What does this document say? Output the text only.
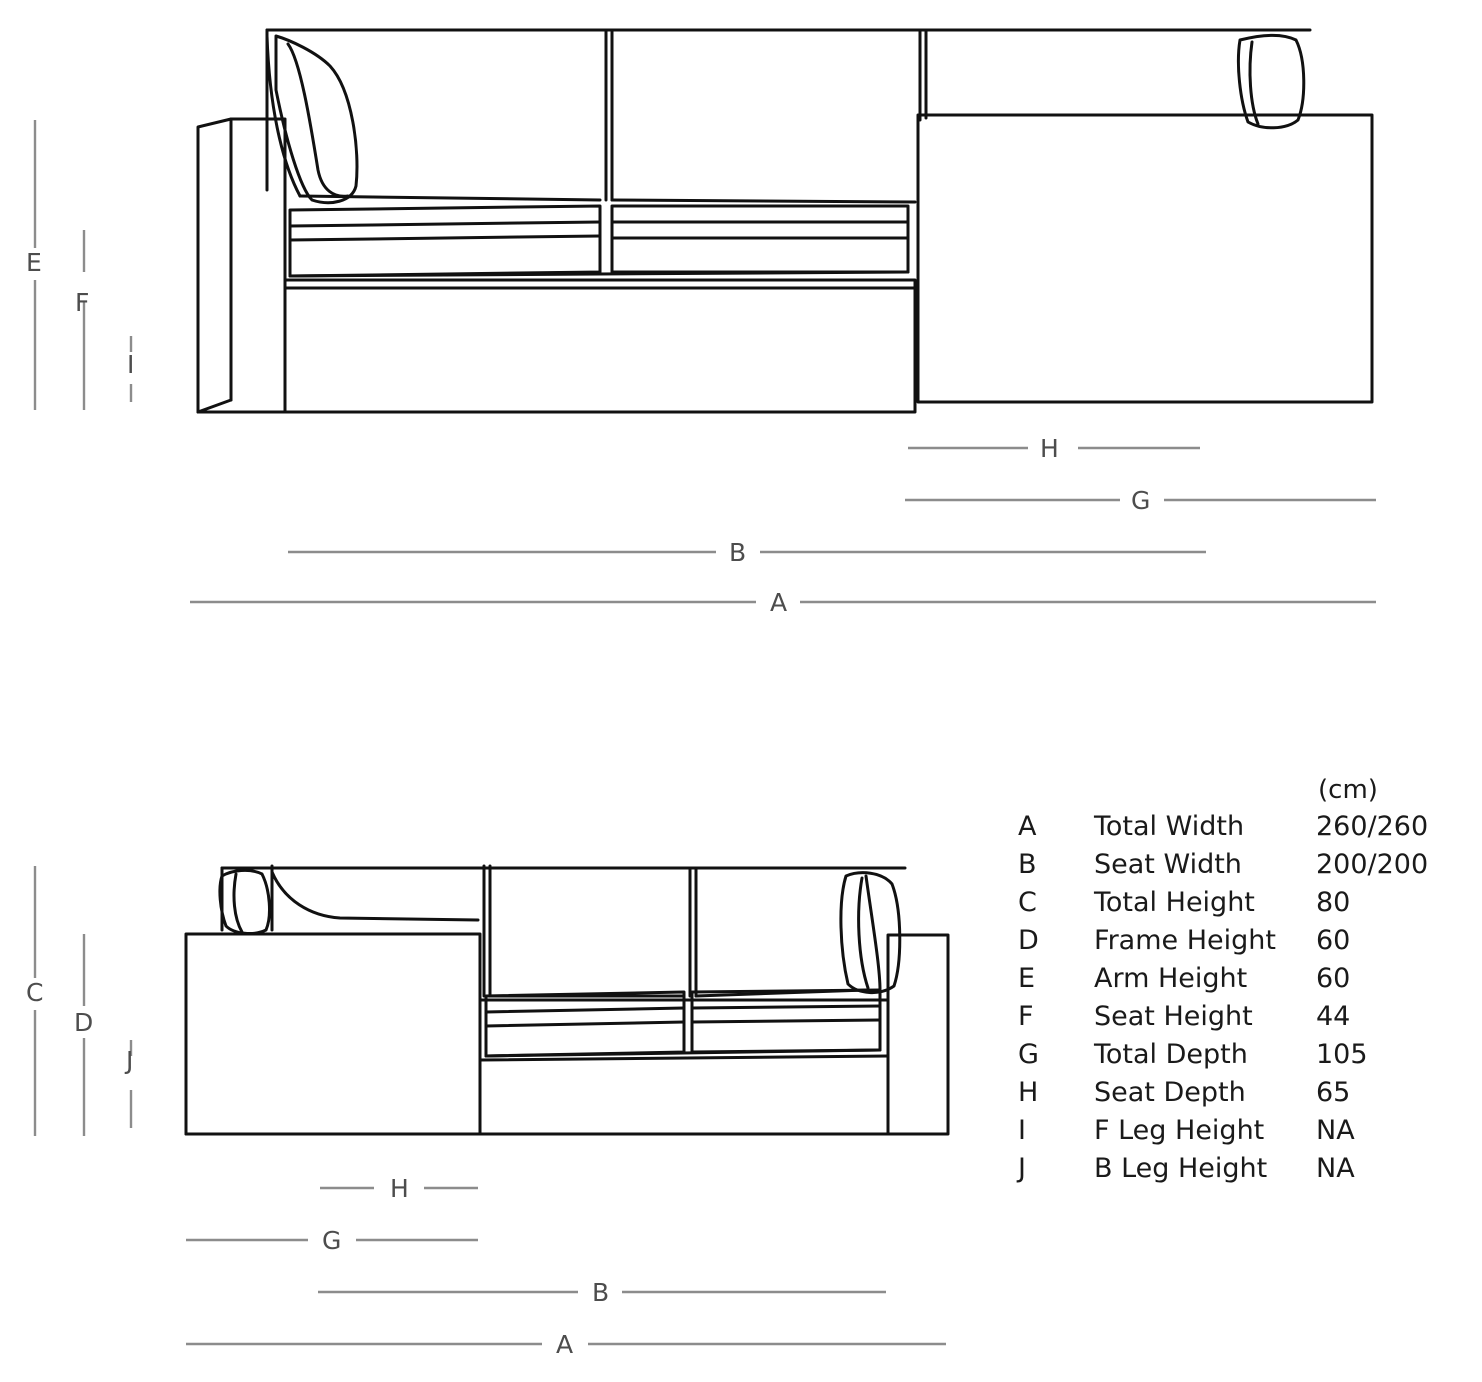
E
F
I
H
G
B
A
C
D
J
H
G
B
A
(cm)
A	Total Width	260/260
B	Seat Width	200/200
C	Total Height	80
D	Frame Height	60
E	Arm Height	60
F	Seat Height	44
G	Total Depth	105
H	Seat Depth	65
I	F Leg Height	NA
J	B Leg Height	NA
